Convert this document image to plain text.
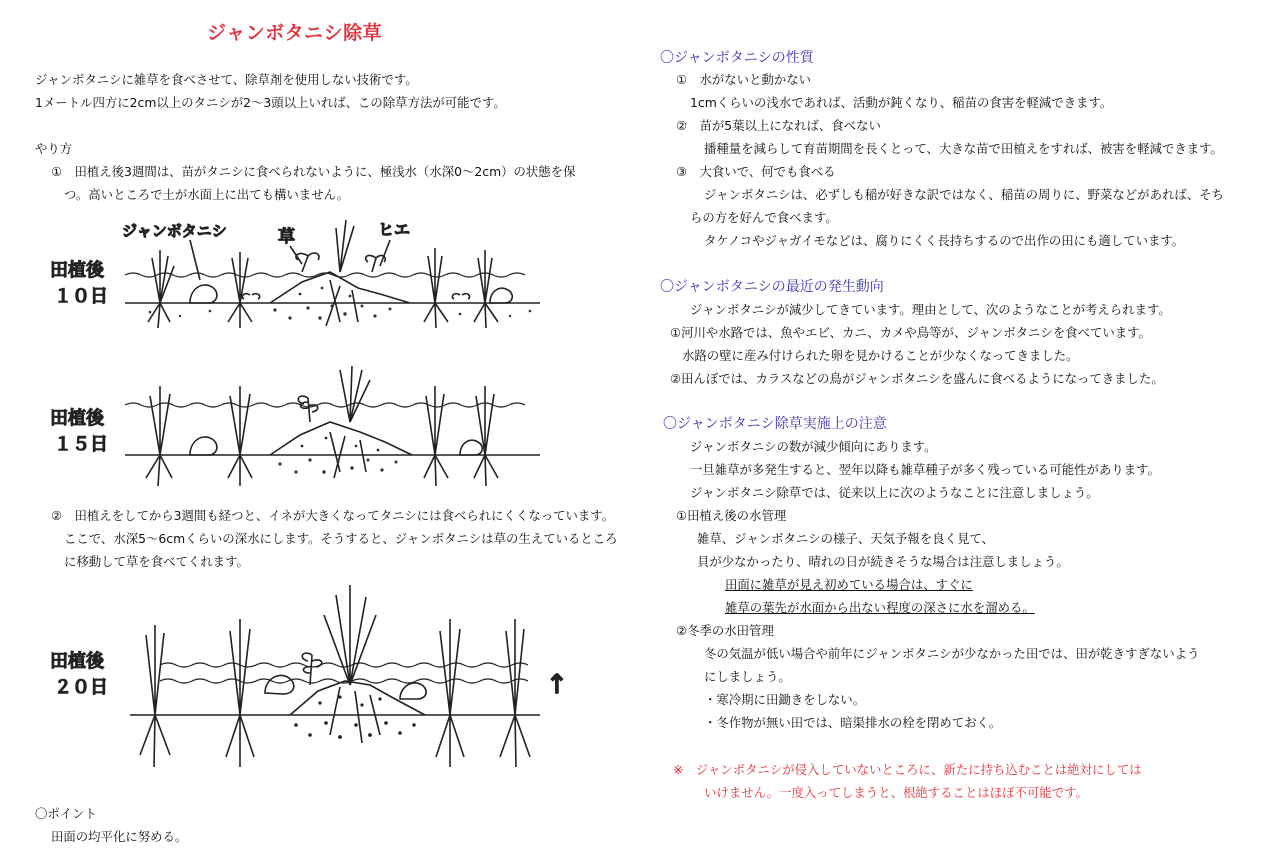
ジャンボタニシ除草
ジャンボタニシに雑草を食べさせて、除草剤を使用しない技術です。
1メートル四方に2cm以上のタニシが2～3頭以上いれば、この除草方法が可能です。
やり方
①　田植え後3週間は、苗がタニシに食べられないように、極浅水（水深0～2cm）の状態を保
つ。高いところで土が水面上に出ても構いません。
ジャンボタニシ	草	ヒエ
田植後
１０日
田植後
１５日
②　田植えをしてから3週間も経つと、イネが大きくなってタニシには食べられにくくなっています。
ここで、水深5～6cmくらいの深水にします。そうすると、ジャンボタニシは草の生えているところ
に移動して草を食べてくれます。
田植後
２０日	↑
〇ポイント
田面の均平化に努める。
〇ジャンボタニシの性質
①　水がないと動かない
1cmくらいの浅水であれば、活動が鈍くなり、稲苗の食害を軽減できます。
②　苗が5葉以上になれば、食べない
播種量を減らして育苗期間を長くとって、大きな苗で田植えをすれば、被害を軽減できます。
③　大食いで、何でも食べる
ジャンボタニシは、必ずしも稲が好きな訳ではなく、稲苗の周りに、野菜などがあれば、そち
らの方を好んで食べます。
タケノコやジャガイモなどは、腐りにくく長持ちするので出作の田にも適しています。
〇ジャンボタニシの最近の発生動向
ジャンボタニシが減少してきています。理由として、次のようなことが考えられます。
①河川や水路では、魚やエビ、カニ、カメや鳥等が、ジャンボタニシを食べています。
水路の壁に産み付けられた卵を見かけることが少なくなってきました。
②田んぼでは、カラスなどの鳥がジャンボタニシを盛んに食べるようになってきました。
〇ジャンボタニシ除草実施上の注意
ジャンボタニシの数が減少傾向にあります。
一旦雑草が多発生すると、翌年以降も雑草種子が多く残っている可能性があります。
ジャンボタニシ除草では、従来以上に次のようなことに注意しましょう。
①田植え後の水管理
雑草、ジャンボタニシの様子、天気予報を良く見て、
貝が少なかったり、晴れの日が続きそうな場合は注意しましょう。
田面に雑草が見え初めている場合は、すぐに
雑草の葉先が水面から出ない程度の深さに水を溜める。
②冬季の水田管理
冬の気温が低い場合や前年にジャンボタニシが少なかった田では、田が乾きすぎないよう
にしましょう。
・寒冷期に田鋤きをしない。
・冬作物が無い田では、暗渠排水の栓を閉めておく。
※　ジャンボタニシが侵入していないところに、新たに持ち込むことは絶対にしては
いけません。一度入ってしまうと、根絶することはほぼ不可能です。
